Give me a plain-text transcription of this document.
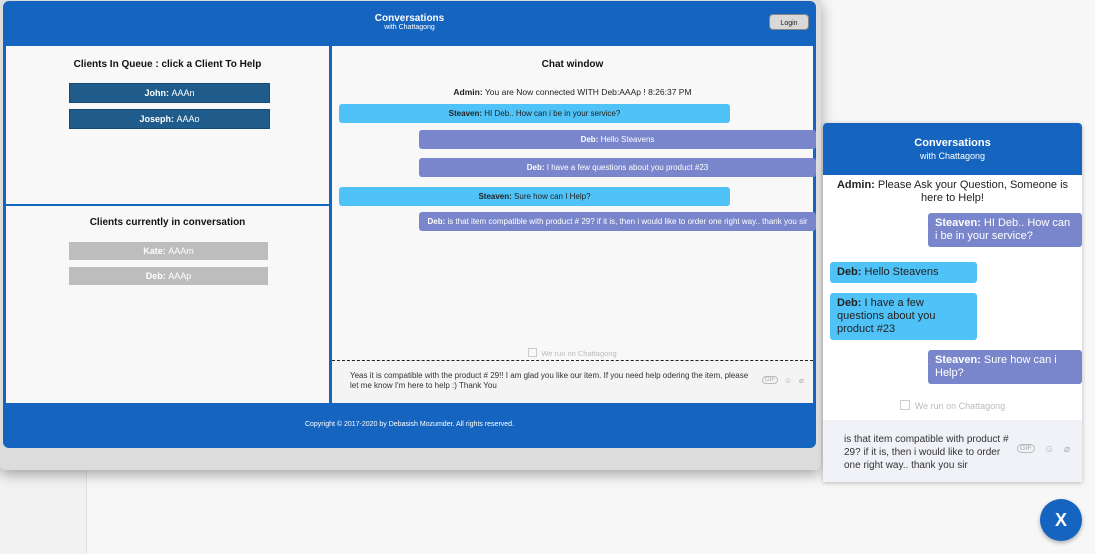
Conversations
with Chattagong
Login
Clients In Queue : click a Client To Help
John: AAAn
Joseph: AAAo
Clients currently in conversation
Kate: AAAm
Deb: AAAp
Chat window
Admin: You are Now connected WITH Deb:AAAp ! 8:26:37 PM
Steaven: HI Deb.. How can i be in your service?
Deb: Hello Steavens
Deb: I have a few questions about you product #23
Steaven: Sure how can I Help?
Deb: is that item compatible with product # 29? if it is, then i would like to order one right way.. thank you sir
We run on Chattagong
Yeas it is compatible with the product # 29!! I am glad you like our item. If you need help odering the item, please let me know I'm here to help :) Thank You
GIF	☺ ⌀
Copyright © 2017-2020 by Debasish Mozumder. All rights reserved.
Conversations
with Chattagong
Admin: Please Ask your Question, Someone is here to Help!
Steaven: HI Deb.. How can i be in your service?
Deb: Hello Steavens
Deb: I have a few questions about you product #23
Steaven: Sure how can i Help?
We run on Chattagong
is that item compatible with product # 29? if it is, then i would like to order one right way.. thank you sir
GIF	☺ ⌀
X
